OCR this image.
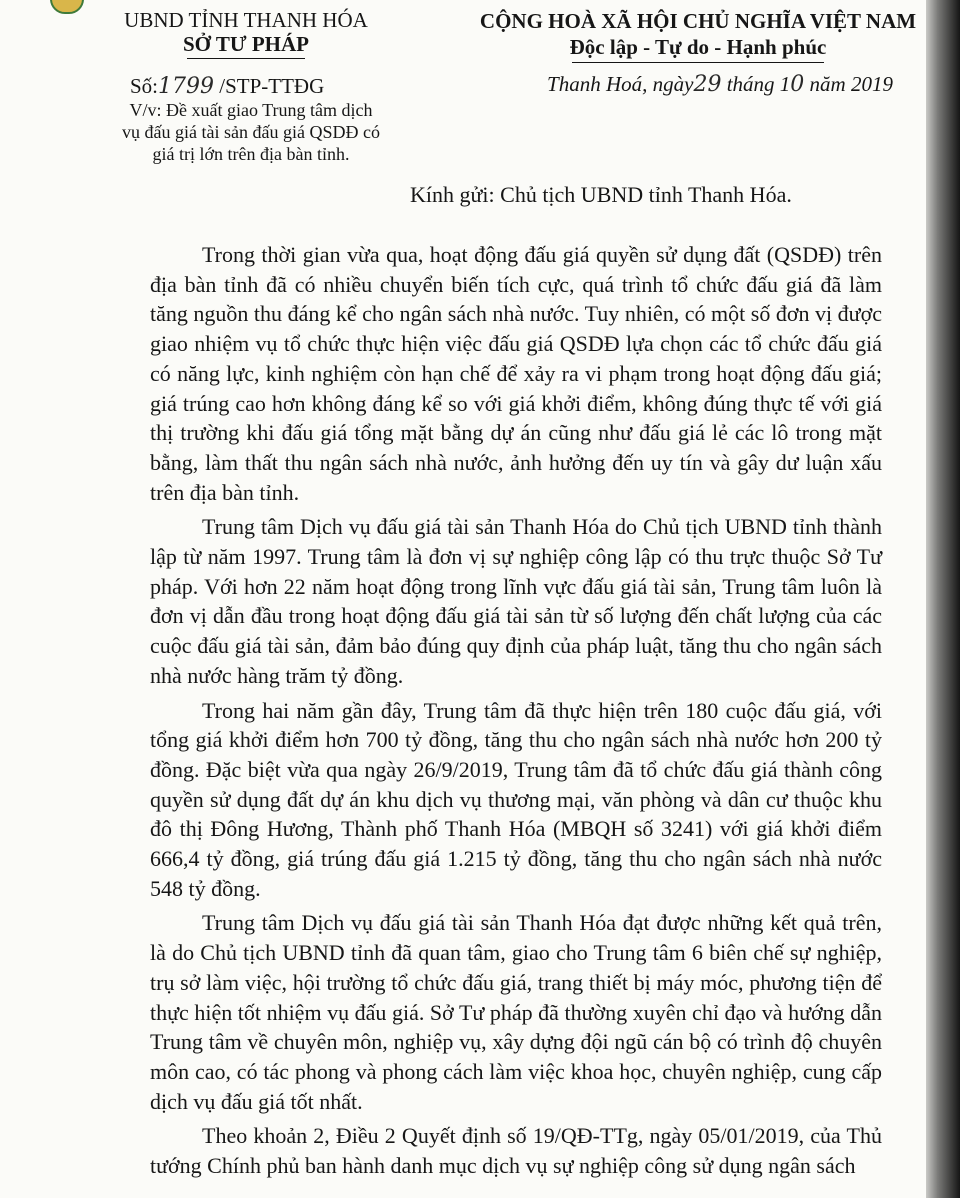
UBND TỈNH THANH HÓA
SỞ TƯ PHÁP
CỘNG HOÀ XÃ HỘI CHỦ NGHĨA VIỆT NAM
Độc lập - Tự do - Hạnh phúc
Số:1799 /STP-TTĐG
V/v: Đề xuất giao Trung tâm dịch
vụ đấu giá tài sản đấu giá QSDĐ có
giá trị lớn trên địa bàn tỉnh.
Thanh Hoá, ngày29 tháng 10 năm 2019
Kính gửi: Chủ tịch UBND tỉnh Thanh Hóa.

Trong thời gian vừa qua, hoạt động đấu giá quyền sử dụng đất (QSDĐ) trên địa bàn tỉnh đã có nhiều chuyển biến tích cực, quá trình tổ chức đấu giá đã làm tăng nguồn thu đáng kể cho ngân sách nhà nước. Tuy nhiên, có một số đơn vị được giao nhiệm vụ tổ chức thực hiện việc đấu giá QSDĐ lựa chọn các tổ chức đấu giá có năng lực, kinh nghiệm còn hạn chế để xảy ra vi phạm trong hoạt động đấu giá; giá trúng cao hơn không đáng kể so với giá khởi điểm, không đúng thực tế với giá thị trường khi đấu giá tổng mặt bằng dự án cũng như đấu giá lẻ các lô trong mặt bằng, làm thất thu ngân sách nhà nước, ảnh hưởng đến uy tín và gây dư luận xấu trên địa bàn tỉnh.

Trung tâm Dịch vụ đấu giá tài sản Thanh Hóa do Chủ tịch UBND tỉnh thành lập từ năm 1997. Trung tâm là đơn vị sự nghiệp công lập có thu trực thuộc Sở Tư pháp. Với hơn 22 năm hoạt động trong lĩnh vực đấu giá tài sản, Trung tâm luôn là đơn vị dẫn đầu trong hoạt động đấu giá tài sản từ số lượng đến chất lượng của các cuộc đấu giá tài sản, đảm bảo đúng quy định của pháp luật, tăng thu cho ngân sách nhà nước hàng trăm tỷ đồng.

Trong hai năm gần đây, Trung tâm đã thực hiện trên 180 cuộc đấu giá, với tổng giá khởi điểm hơn 700 tỷ đồng, tăng thu cho ngân sách nhà nước hơn 200 tỷ đồng. Đặc biệt vừa qua ngày 26/9/2019, Trung tâm đã tổ chức đấu giá thành công quyền sử dụng đất dự án khu dịch vụ thương mại, văn phòng và dân cư thuộc khu đô thị Đông Hương, Thành phố Thanh Hóa (MBQH số 3241) với giá khởi điểm 666,4 tỷ đồng, giá trúng đấu giá 1.215 tỷ đồng, tăng thu cho ngân sách nhà nước 548 tỷ đồng.

Trung tâm Dịch vụ đấu giá tài sản Thanh Hóa đạt được những kết quả trên, là do Chủ tịch UBND tỉnh đã quan tâm, giao cho Trung tâm 6 biên chế sự nghiệp, trụ sở làm việc, hội trường tổ chức đấu giá, trang thiết bị máy móc, phương tiện để thực hiện tốt nhiệm vụ đấu giá. Sở Tư pháp đã thường xuyên chỉ đạo và hướng dẫn Trung tâm về chuyên môn, nghiệp vụ, xây dựng đội ngũ cán bộ có trình độ chuyên môn cao, có tác phong và phong cách làm việc khoa học, chuyên nghiệp, cung cấp dịch vụ đấu giá tốt nhất.

Theo khoản 2, Điều 2 Quyết định số 19/QĐ-TTg, ngày 05/01/2019, của Thủ tướng Chính phủ ban hành danh mục dịch vụ sự nghiệp công sử dụng ngân sách
